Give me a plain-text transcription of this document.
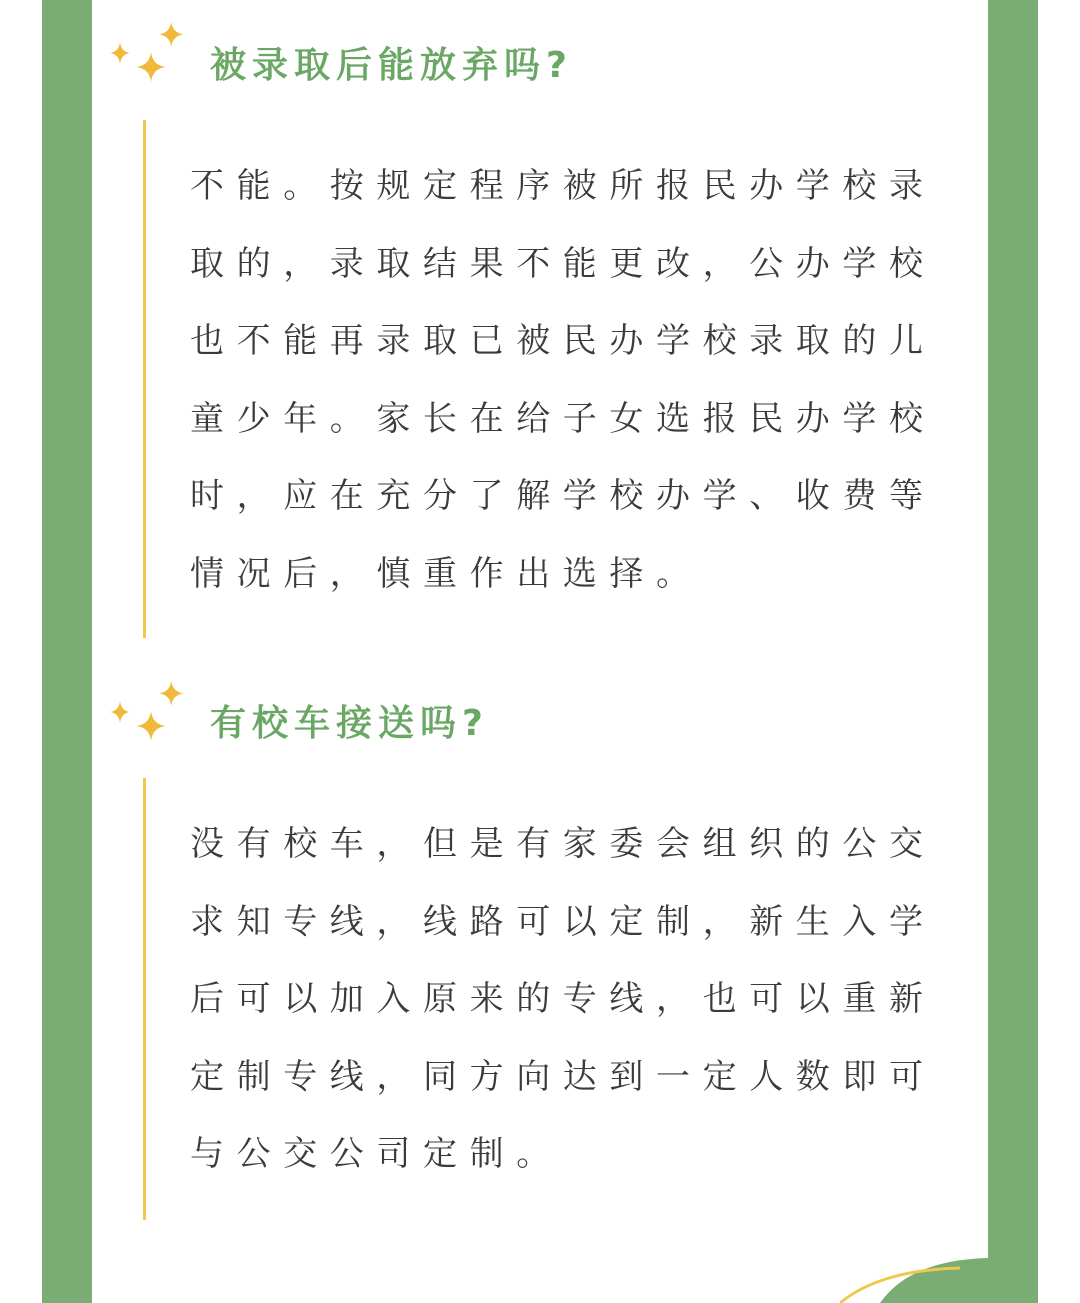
被录取后能放弃吗?

不能。按规定程序被所报民办学校录取的，录取结果不能更改，公办学校也不能再录取已被民办学校录取的儿童少年。家长在给子女选报民办学校时，应在充分了解学校办学、收费等情况后，慎重作出选择。

有校车接送吗?

没有校车，但是有家委会组织的公交求知专线，线路可以定制，新生入学后可以加入原来的专线，也可以重新定制专线，同方向达到一定人数即可与公交公司定制。
